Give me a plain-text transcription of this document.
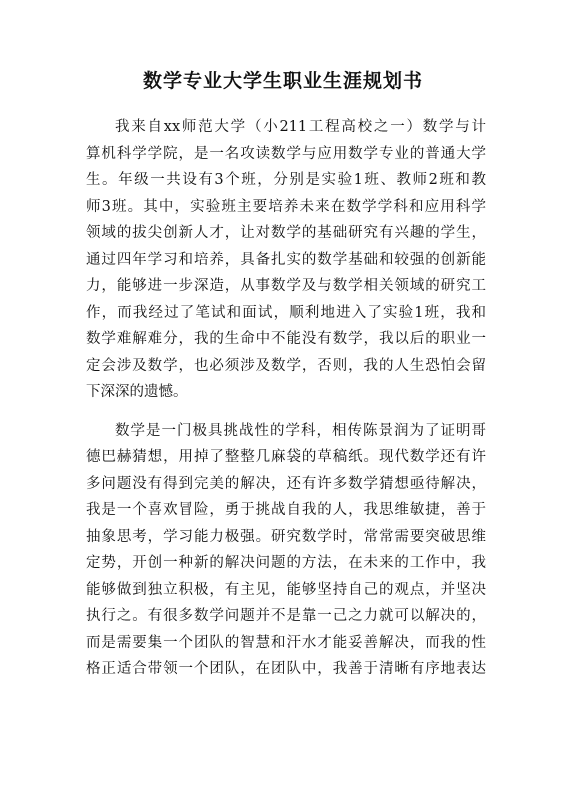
数学专业大学生职业生涯规划书
我来自xx师范大学（小211工程高校之一）数学与计
算机科学学院，是一名攻读数学与应用数学专业的普通大学
生。年级一共设有3个班，分别是实验1班、教师2班和教
师3班。其中，实验班主要培养未来在数学学科和应用科学
领域的拔尖创新人才，让对数学的基础研究有兴趣的学生，
通过四年学习和培养，具备扎实的数学基础和较强的创新能
力，能够进一步深造，从事数学及与数学相关领域的研究工
作，而我经过了笔试和面试，顺利地进入了实验1班，我和
数学难解难分，我的生命中不能没有数学，我以后的职业一
定会涉及数学，也必须涉及数学，否则，我的人生恐怕会留
下深深的遗憾。
数学是一门极具挑战性的学科，相传陈景润为了证明哥
德巴赫猜想，用掉了整整几麻袋的草稿纸。现代数学还有许
多问题没有得到完美的解决，还有许多数学猜想亟待解决，
我是一个喜欢冒险，勇于挑战自我的人，我思维敏捷，善于
抽象思考，学习能力极强。研究数学时，常常需要突破思维
定势，开创一种新的解决问题的方法，在未来的工作中，我
能够做到独立积极，有主见，能够坚持自己的观点，并坚决
执行之。有很多数学问题并不是靠一己之力就可以解决的，
而是需要集一个团队的智慧和汗水才能妥善解决，而我的性
格正适合带领一个团队，在团队中，我善于清晰有序地表达
